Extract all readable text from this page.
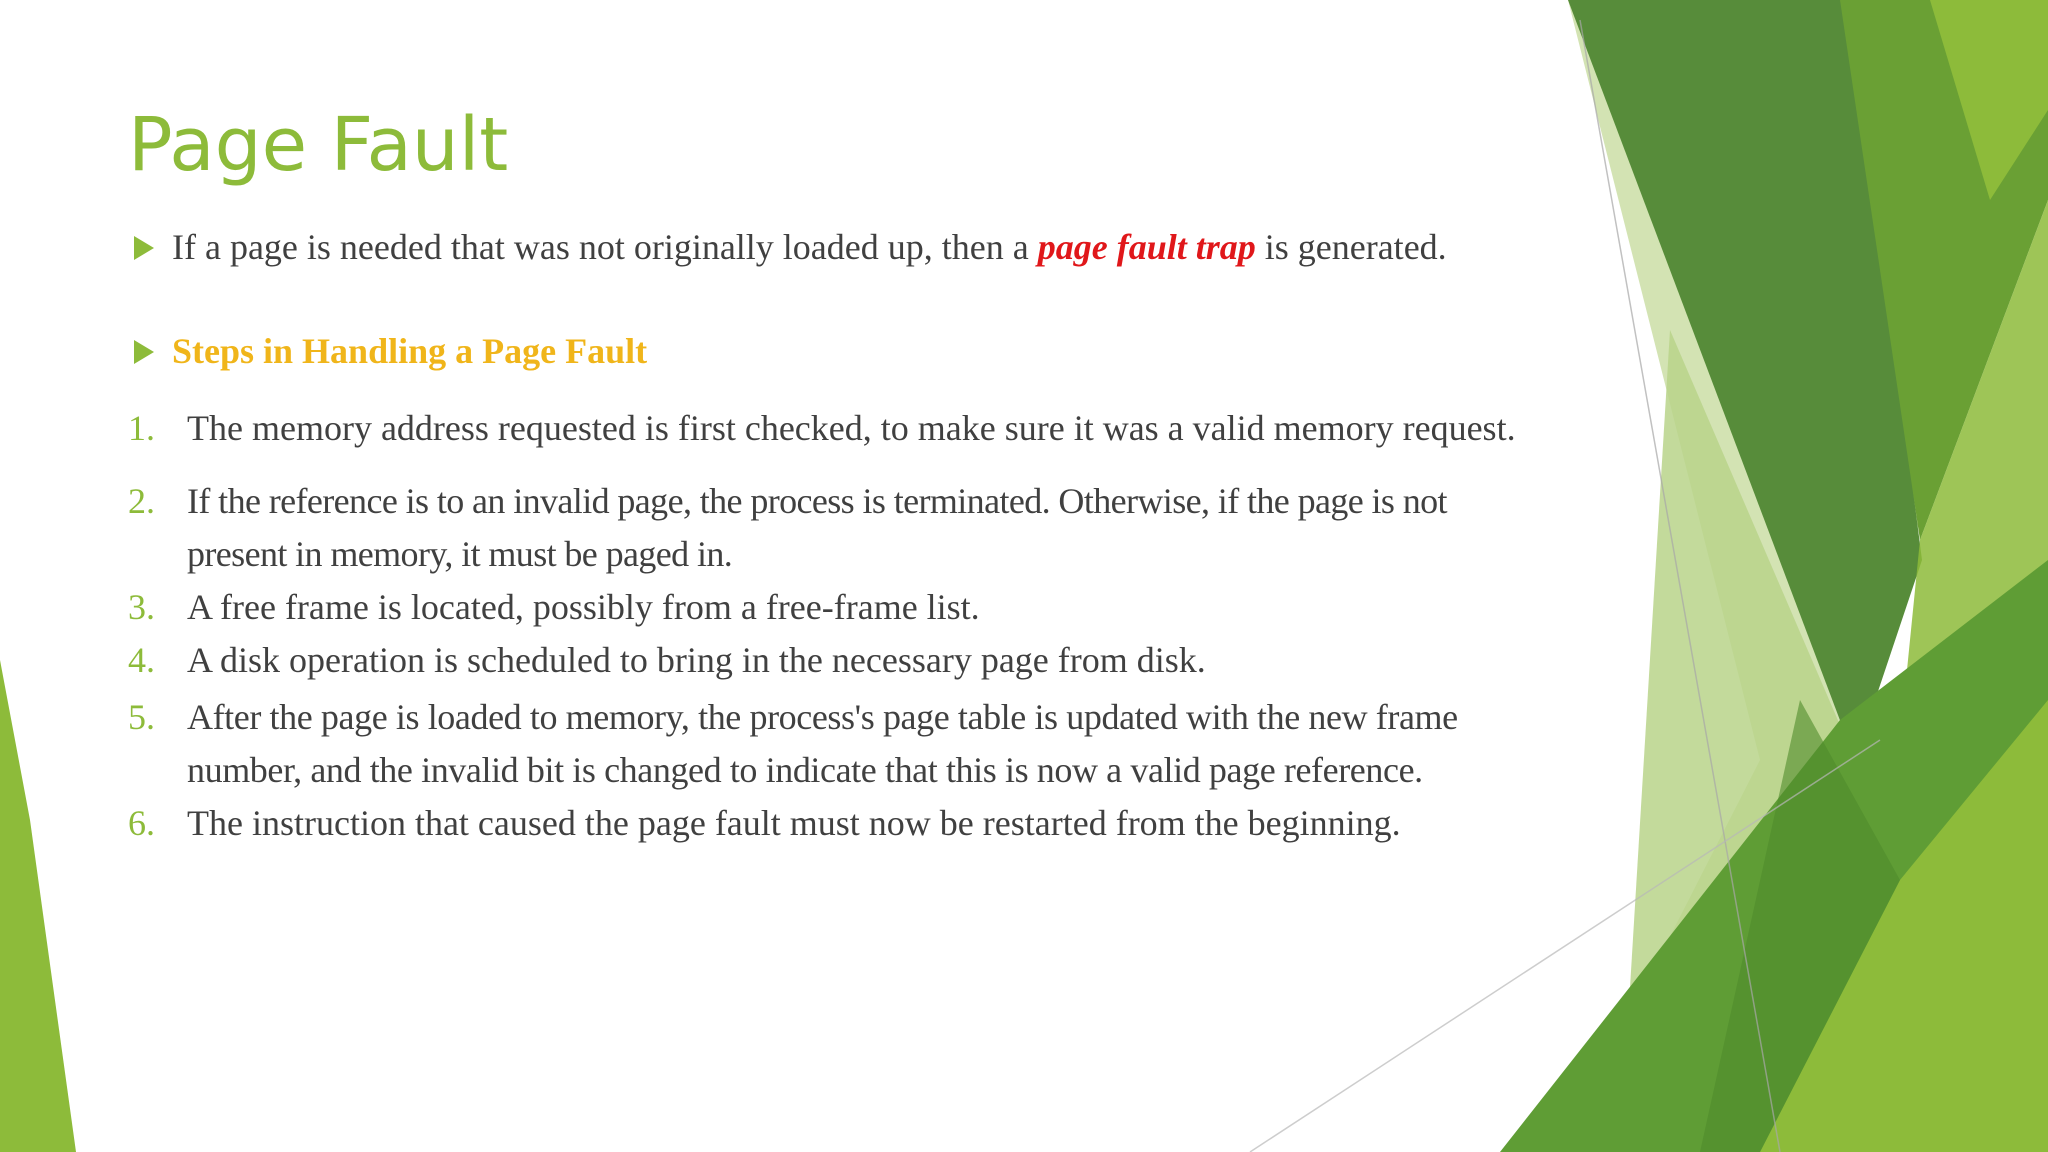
Page Fault
If a page is needed that was not originally loaded up, then a page fault trap is generated.
Steps in Handling a Page Fault
1. The memory address requested is first checked, to make sure it was a valid memory request.
2. If the reference is to an invalid page, the process is terminated. Otherwise, if the page is not present in memory, it must be paged in.
3. A free frame is located, possibly from a free-frame list.
4. A disk operation is scheduled to bring in the necessary page from disk.
5. After the page is loaded to memory, the process's page table is updated with the new frame number, and the invalid bit is changed to indicate that this is now a valid page reference.
6. The instruction that caused the page fault must now be restarted from the beginning.
